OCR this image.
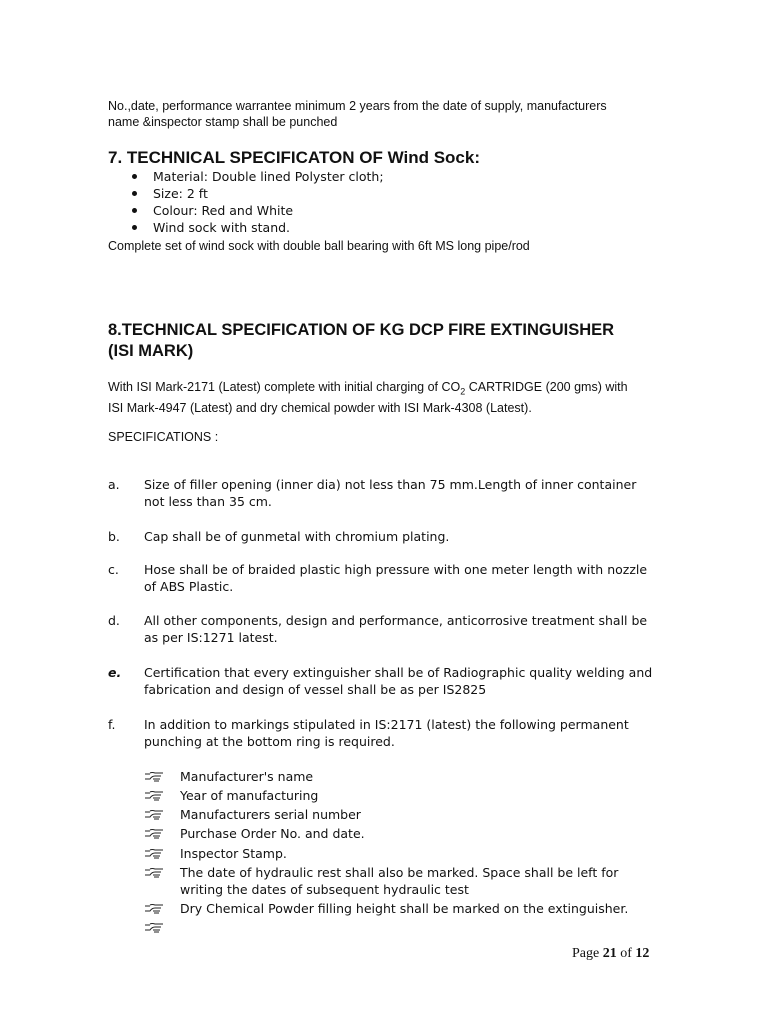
No.,date, performance warrantee minimum 2 years from the date of supply, manufacturers
name &inspector stamp shall be punched
7. TECHNICAL SPECIFICATON OF Wind Sock:
Material: Double lined Polyster cloth;
Size: 2 ft
Colour: Red and White
Wind sock with stand.
Complete set of wind sock with double ball bearing with 6ft MS long pipe/rod
8.TECHNICAL SPECIFICATION OF KG DCP FIRE EXTINGUISHER
(ISI MARK)
With ISI Mark-2171 (Latest) complete with initial charging of $CO_2$ CARTRIDGE (200 gms) with
ISI Mark-4947 (Latest) and dry chemical powder with ISI Mark-4308 (Latest).
SPECIFICATIONS :
a.	Size of filler opening (inner dia) not less than 75 mm.Length of inner container
not less than 35 cm.
b.	Cap shall be of gunmetal with chromium plating.
c.	Hose shall be of braided plastic high pressure with one meter length with nozzle
of ABS Plastic.
d.	All other components, design and performance, anticorrosive treatment shall be
as per IS:1271 latest.
e.	Certification that every extinguisher shall be of Radiographic quality welding and
fabrication and design of vessel shall be as per IS2825
f.	In addition to markings stipulated in IS:2171 (latest) the following permanent
punching at the bottom ring is required.
Manufacturer's name
Year of manufacturing
Manufacturers serial number
Purchase Order No. and date.
Inspector Stamp.
The date of hydraulic rest shall also be marked. Space shall be left for
writing the dates of subsequent hydraulic test
Dry Chemical Powder filling height shall be marked on the extinguisher.
Page 21 of 12
